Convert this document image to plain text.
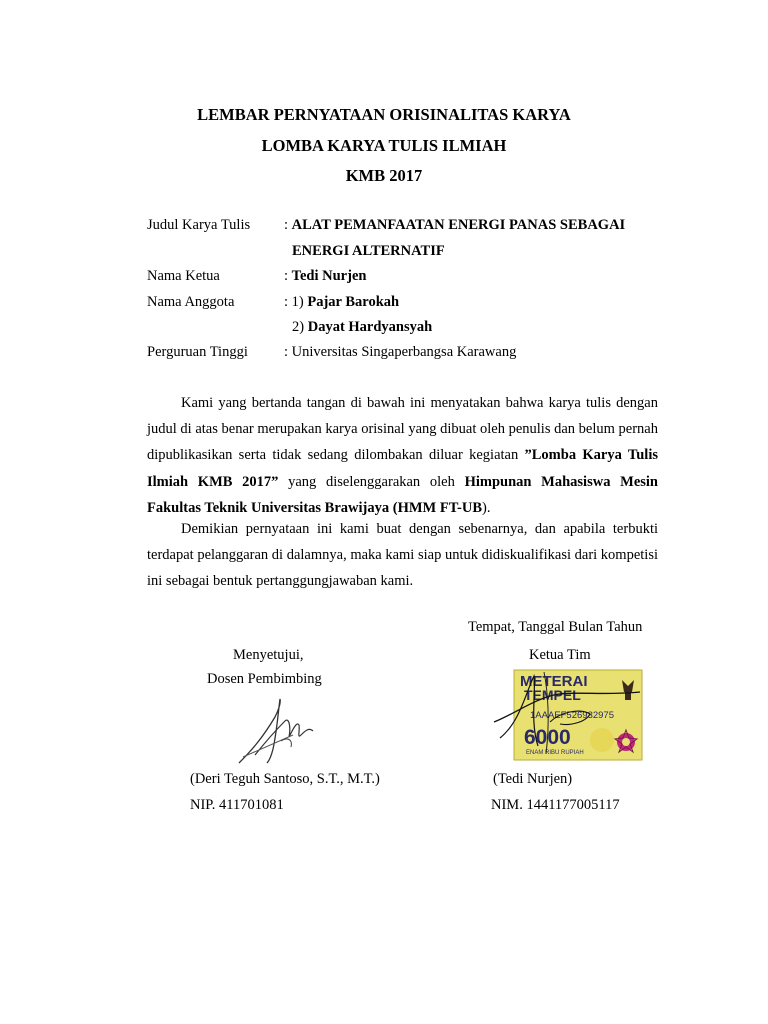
LEMBAR PERNYATAAN ORISINALITAS KARYA
LOMBA KARYA TULIS ILMIAH
KMB 2017
Judul Karya Tulis : ALAT PEMANFAATAN ENERGI PANAS SEBAGAI
ENERGI ALTERNATIF
Nama Ketua	: Tedi Nurjen
Nama Anggota	: 1) Pajar Barokah
2) Dayat Hardyansyah
Perguruan Tinggi : Universitas Singaperbangsa Karawang
Kami yang bertanda tangan di bawah ini menyatakan bahwa karya tulis dengan judul di atas benar merupakan karya orisinal yang dibuat oleh penulis dan belum pernah dipublikasikan serta tidak sedang dilombakan diluar kegiatan ”Lomba Karya Tulis Ilmiah KMB 2017” yang diselenggarakan oleh Himpunan Mahasiswa Mesin Fakultas Teknik Universitas Brawijaya (HMM FT-UB).
Demikian pernyataan ini kami buat dengan sebenarnya, dan apabila terbukti terdapat pelanggaran di dalamnya, maka kami siap untuk didiskualifikasi dari kompetisi ini sebagai bentuk pertanggungjawaban kami.
Tempat, Tanggal Bulan Tahun
Menyetujui,	Ketua Tim
Dosen Pembimbing	METERAI
TEMPEL
1AAAEF526932975
6000
ENAM RIBU RUPIAH
(Deri Teguh Santoso, S.T., M.T.)	(Tedi Nurjen)
NIP. 411701081	NIM. 1441177005117
